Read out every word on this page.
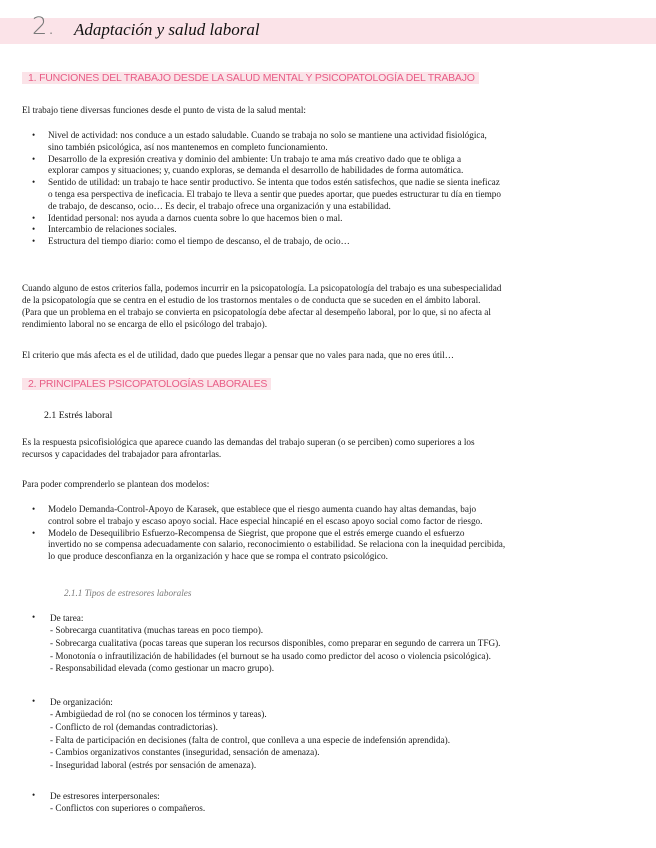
2. Adaptación y salud laboral
1. FUNCIONES DEL TRABAJO DESDE LA SALUD MENTAL Y PSICOPATOLOGÍA DEL TRABAJO
El trabajo tiene diversas funciones desde el punto de vista de la salud mental:
• Nivel de actividad: nos conduce a un estado saludable. Cuando se trabaja no solo se mantiene una actividad fisiológica,
sino también psicológica, así nos mantenemos en completo funcionamiento.
• Desarrollo de la expresión creativa y dominio del ambiente: Un trabajo te ama más creativo dado que te obliga a
explorar campos y situaciones; y, cuando exploras, se demanda el desarrollo de habilidades de forma automática.
• Sentido de utilidad: un trabajo te hace sentir productivo. Se intenta que todos estén satisfechos, que nadie se sienta ineficaz
o tenga esa perspectiva de ineficacia. El trabajo te lleva a sentir que puedes aportar, que puedes estructurar tu día en tiempo
de trabajo, de descanso, ocio… Es decir, el trabajo ofrece una organización y una estabilidad.
• Identidad personal: nos ayuda a darnos cuenta sobre lo que hacemos bien o mal.
• Intercambio de relaciones sociales.
• Estructura del tiempo diario: como el tiempo de descanso, el de trabajo, de ocio…
Cuando alguno de estos criterios falla, podemos incurrir en la psicopatología. La psicopatología del trabajo es una subespecialidad
de la psicopatología que se centra en el estudio de los trastornos mentales o de conducta que se suceden en el ámbito laboral.
(Para que un problema en el trabajo se convierta en psicopatología debe afectar al desempeño laboral, por lo que, si no afecta al
rendimiento laboral no se encarga de ello el psicólogo del trabajo).
El criterio que más afecta es el de utilidad, dado que puedes llegar a pensar que no vales para nada, que no eres útil…
2. PRINCIPALES PSICOPATOLOGÍAS LABORALES
2.1 Estrés laboral
Es la respuesta psicofisiológica que aparece cuando las demandas del trabajo superan (o se perciben) como superiores a los
recursos y capacidades del trabajador para afrontarlas.
Para poder comprenderlo se plantean dos modelos:
• Modelo Demanda-Control-Apoyo de Karasek, que establece que el riesgo aumenta cuando hay altas demandas, bajo
control sobre el trabajo y escaso apoyo social. Hace especial hincapié en el escaso apoyo social como factor de riesgo.
• Modelo de Desequilibrio Esfuerzo-Recompensa de Siegrist, que propone que el estrés emerge cuando el esfuerzo
invertido no se compensa adecuadamente con salario, reconocimiento o estabilidad. Se relaciona con la inequidad percibida,
lo que produce desconfianza en la organización y hace que se rompa el contrato psicológico.
2.1.1 Tipos de estresores laborales
• De tarea:
- Sobrecarga cuantitativa (muchas tareas en poco tiempo).
- Sobrecarga cualitativa (pocas tareas que superan los recursos disponibles, como preparar en segundo de carrera un TFG).
- Monotonía o infrautilización de habilidades (el burnout se ha usado como predictor del acoso o violencia psicológica).
- Responsabilidad elevada (como gestionar un macro grupo).
• De organización:
- Ambigüedad de rol (no se conocen los términos y tareas).
- Conflicto de rol (demandas contradictorias).
- Falta de participación en decisiones (falta de control, que conlleva a una especie de indefensión aprendida).
- Cambios organizativos constantes (inseguridad, sensación de amenaza).
- Inseguridad laboral (estrés por sensación de amenaza).
• De estresores interpersonales:
- Conflictos con superiores o compañeros.
